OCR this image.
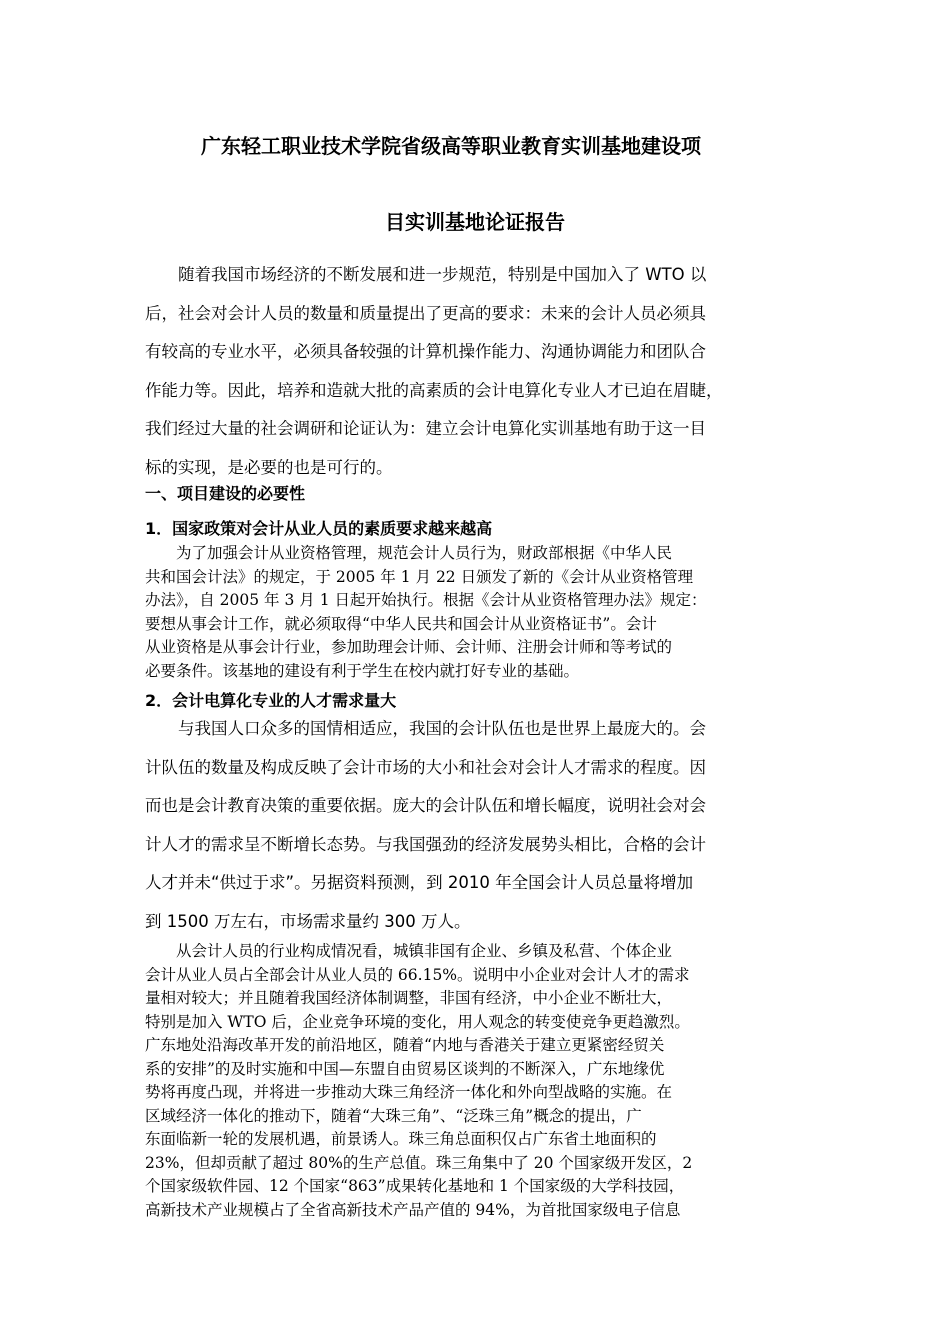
广东轻工职业技术学院省级高等职业教育实训基地建设项
目实训基地论证报告
　　随着我国市场经济的不断发展和进一步规范，特别是中国加入了 WTO 以
后，社会对会计人员的数量和质量提出了更高的要求：未来的会计人员必须具
有较高的专业水平，必须具备较强的计算机操作能力、沟通协调能力和团队合
作能力等。因此，培养和造就大批的高素质的会计电算化专业人才已迫在眉睫，
我们经过大量的社会调研和论证认为：建立会计电算化实训基地有助于这一目
标的实现，是必要的也是可行的。
一、项目建设的必要性
1．国家政策对会计从业人员的素质要求越来越高
　　为了加强会计从业资格管理，规范会计人员行为，财政部根据《中华人民
共和国会计法》的规定，于 2005 年 1 月 22 日颁发了新的《会计从业资格管理
办法》，自 2005 年 3 月 1 日起开始执行。根据《会计从业资格管理办法》规定：
要想从事会计工作，就必须取得“中华人民共和国会计从业资格证书”。会计
从业资格是从事会计行业，参加助理会计师、会计师、注册会计师和等考试的
必要条件。该基地的建设有利于学生在校内就打好专业的基础。
2．会计电算化专业的人才需求量大
　　与我国人口众多的国情相适应，我国的会计队伍也是世界上最庞大的。会
计队伍的数量及构成反映了会计市场的大小和社会对会计人才需求的程度。因
而也是会计教育决策的重要依据。庞大的会计队伍和增长幅度，说明社会对会
计人才的需求呈不断增长态势。与我国强劲的经济发展势头相比，合格的会计
人才并未“供过于求”。另据资料预测，到 2010 年全国会计人员总量将增加
到 1500 万左右，市场需求量约 300 万人。
　　从会计人员的行业构成情况看，城镇非国有企业、乡镇及私营、个体企业
会计从业人员占全部会计从业人员的 66.15%。说明中小企业对会计人才的需求
量相对较大；并且随着我国经济体制调整，非国有经济，中小企业不断壮大，
特别是加入 WTO 后，企业竞争环境的变化，用人观念的转变使竞争更趋激烈。
广东地处沿海改革开发的前沿地区，随着“内地与香港关于建立更紧密经贸关
系的安排”的及时实施和中国—东盟自由贸易区谈判的不断深入，广东地缘优
势将再度凸现，并将进一步推动大珠三角经济一体化和外向型战略的实施。在
区域经济一体化的推动下，随着“大珠三角”、“泛珠三角”概念的提出，广
东面临新一轮的发展机遇，前景诱人。珠三角总面积仅占广东省土地面积的
23%，但却贡献了超过 80%的生产总值。珠三角集中了 20 个国家级开发区，2
个国家级软件园、12 个国家“863”成果转化基地和 1 个国家级的大学科技园，
高新技术产业规模占了全省高新技术产品产值的 94%，为首批国家级电子信息
